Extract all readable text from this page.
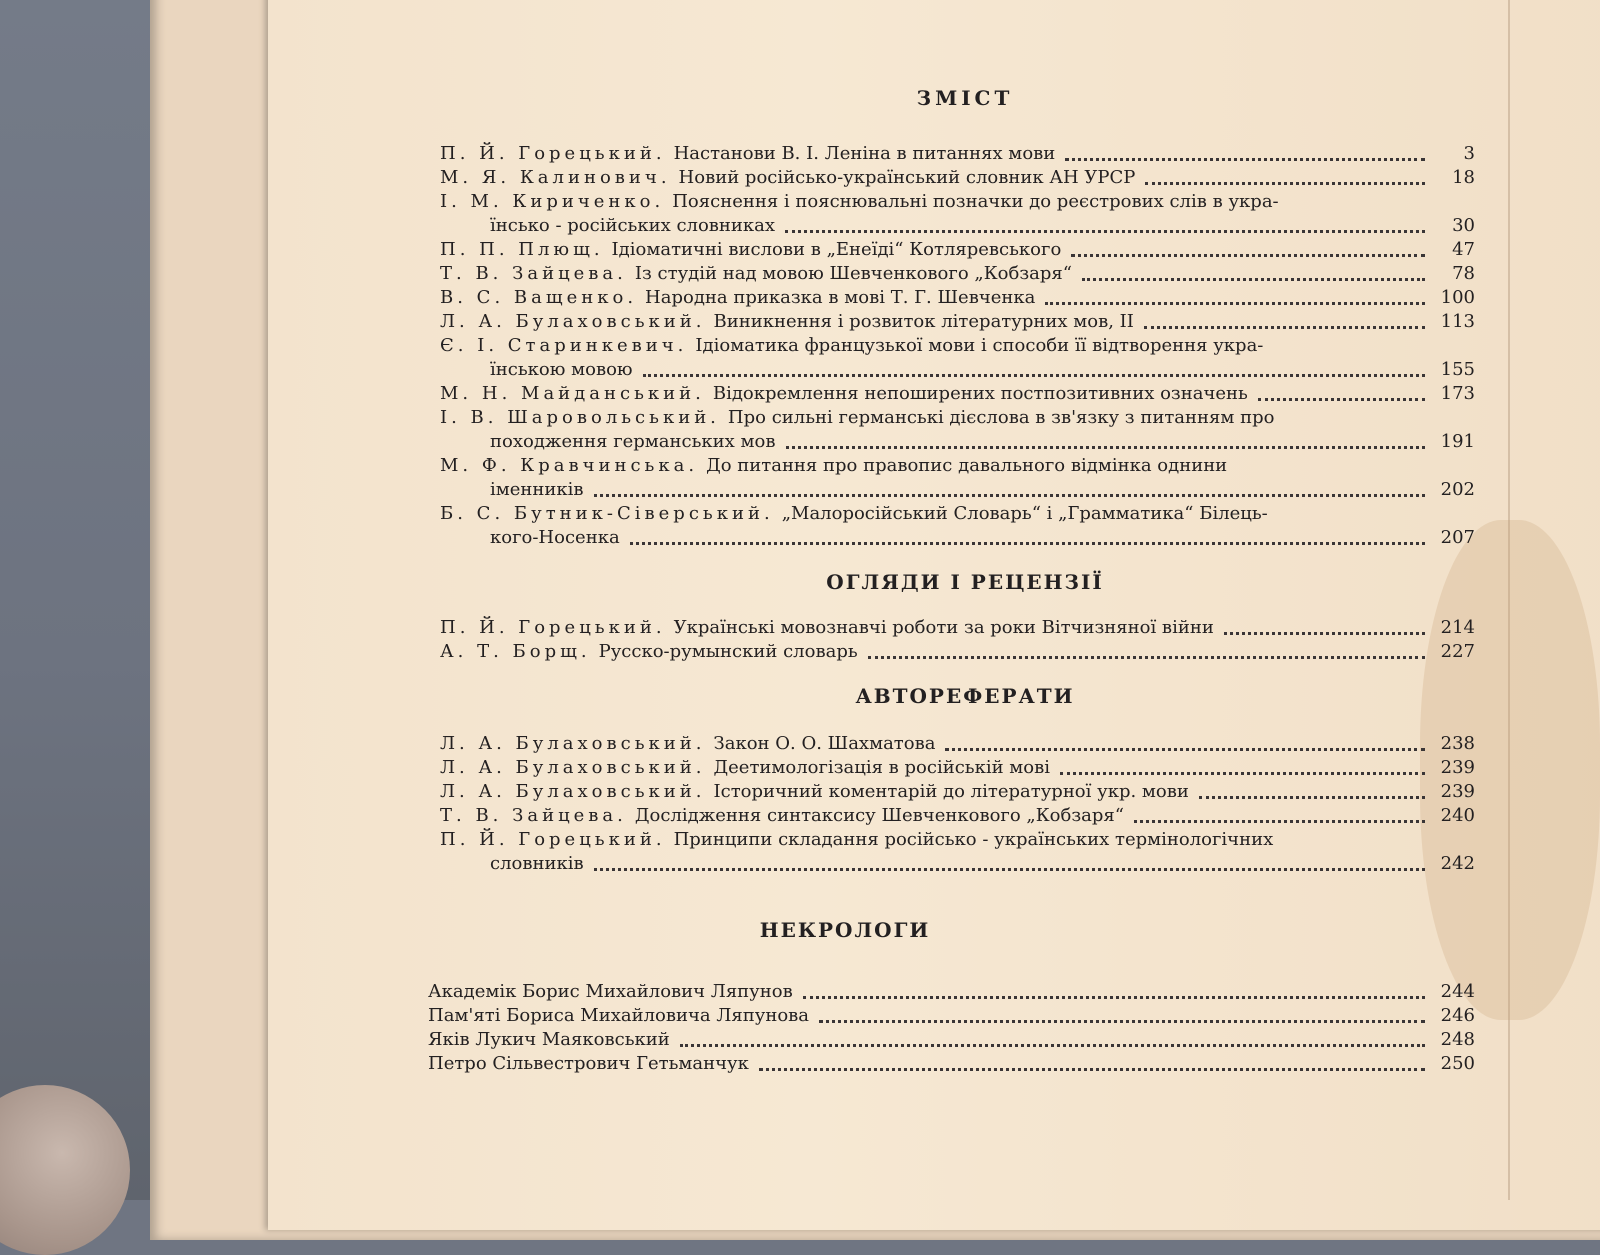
ЗМІСТ
П. Й. Горецький. Настанови В. І. Леніна в питаннях мови	3
М. Я. Калинович. Новий російсько-український словник АН УРСР	18
І. М. Кириченко. Пояснення і пояснювальні позначки до реєстрових слів в укра-
їнсько - російських словниках	30
П. П. Плющ. Ідіоматичні вислови в „Енеїді“ Котляревського	47
Т. В. Зайцева. Із студій над мовою Шевченкового „Кобзаря“	78
В. С. Ващенко. Народна приказка в мові Т. Г. Шевченка	100
Л. А. Булаховський. Виникнення і розвиток літературних мов, II	113
Є. І. Старинкевич. Ідіоматика французької мови і способи її відтворення укра-
їнською мовою	155
М. Н. Майданський. Відокремлення непоширених постпозитивних означень	173
І. В. Шаровольський. Про сильні германські дієслова в зв'язку з питанням про
походження германських мов	191
М. Ф. Кравчинська. До питання про правопис давального відмінка однини
іменників	202
Б. С. Бутник-Сіверський. „Малоросійський Словарь“ і „Грамматика“ Білець-
кого-Носенка	207
ОГЛЯДИ І РЕЦЕНЗІЇ
П. Й. Горецький. Українські мовознавчі роботи за роки Вітчизняної війни	214
А. Т. Борщ. Русско-румынский словарь	227
АВТОРЕФЕРАТИ
Л. А. Булаховський. Закон О. О. Шахматова	238
Л. А. Булаховський. Деетимологізація в російській мові	239
Л. А. Булаховський. Історичний коментарій до літературної укр. мови	239
Т. В. Зайцева. Дослідження синтаксису Шевченкового „Кобзаря“	240
П. Й. Горецький. Принципи складання російсько - українських термінологічних
словників	242
НЕКРОЛОГИ
Академік Борис Михайлович Ляпунов	244
Пам'яті Бориса Михайловича Ляпунова	246
Яків Лукич Маяковський	248
Петро Сільвестрович Гетьманчук	250
